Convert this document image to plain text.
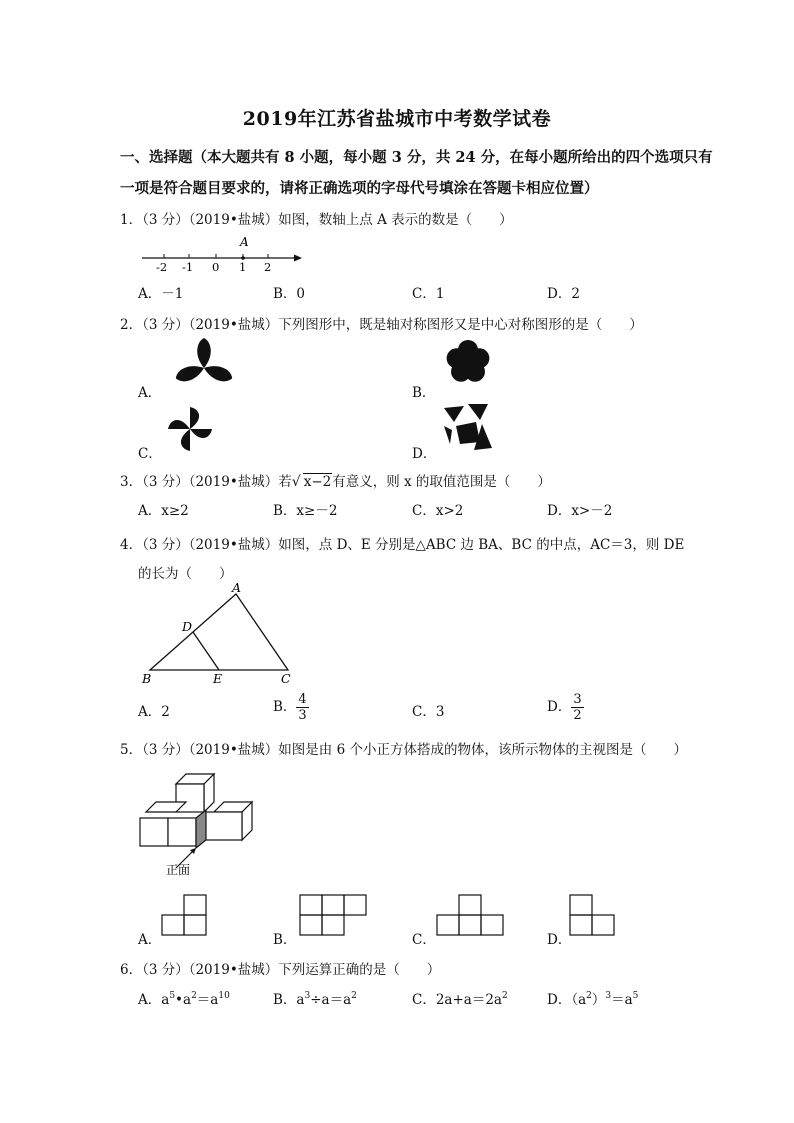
2019年江苏省盐城市中考数学试卷
一、选择题（本大题共有 8 小题，每小题 3 分，共 24 分，在每小题所给出的四个选项只有
一项是符合题目要求的，请将正确选项的字母代号填涂在答题卡相应位置）
1．（3 分）（2019•盐城）如图，数轴上点 A 表示的数是（　　）
A
-2 -1 0 1 2
A．－1	B．0	C．1	D．2
2．（3 分）（2019•盐城）下列图形中，既是轴对称图形又是中心对称图形的是（　　）
A．	B．
C．	D．
3．（3 分）（2019•盐城）若√ x−2有意义，则 x 的取值范围是（　　）
A．x≥2	B．x≥－2	C．x>2	D．x>－2
4．（3 分）（2019•盐城）如图，点 D、E 分别是△ABC 边 BA、BC 的中点，AC＝3，则 DE
的长为（　　）
A
D
B	E	C
A．2	B． $\frac{4}{3}$	C．3	D． $\frac{3}{2}$
5．（3 分）（2019•盐城）如图是由 6 个小正方体搭成的物体，该所示物体的主视图是（　　）
正面
A．	B．	C．	D．
6．（3 分）（2019•盐城）下列运算正确的是（　　）
A．$a^5•a^2=a^{10}$	B．$a^3\div a=a^2$	C．$2a+a=2a^2$	D．$(a^2)^3=a^5$
